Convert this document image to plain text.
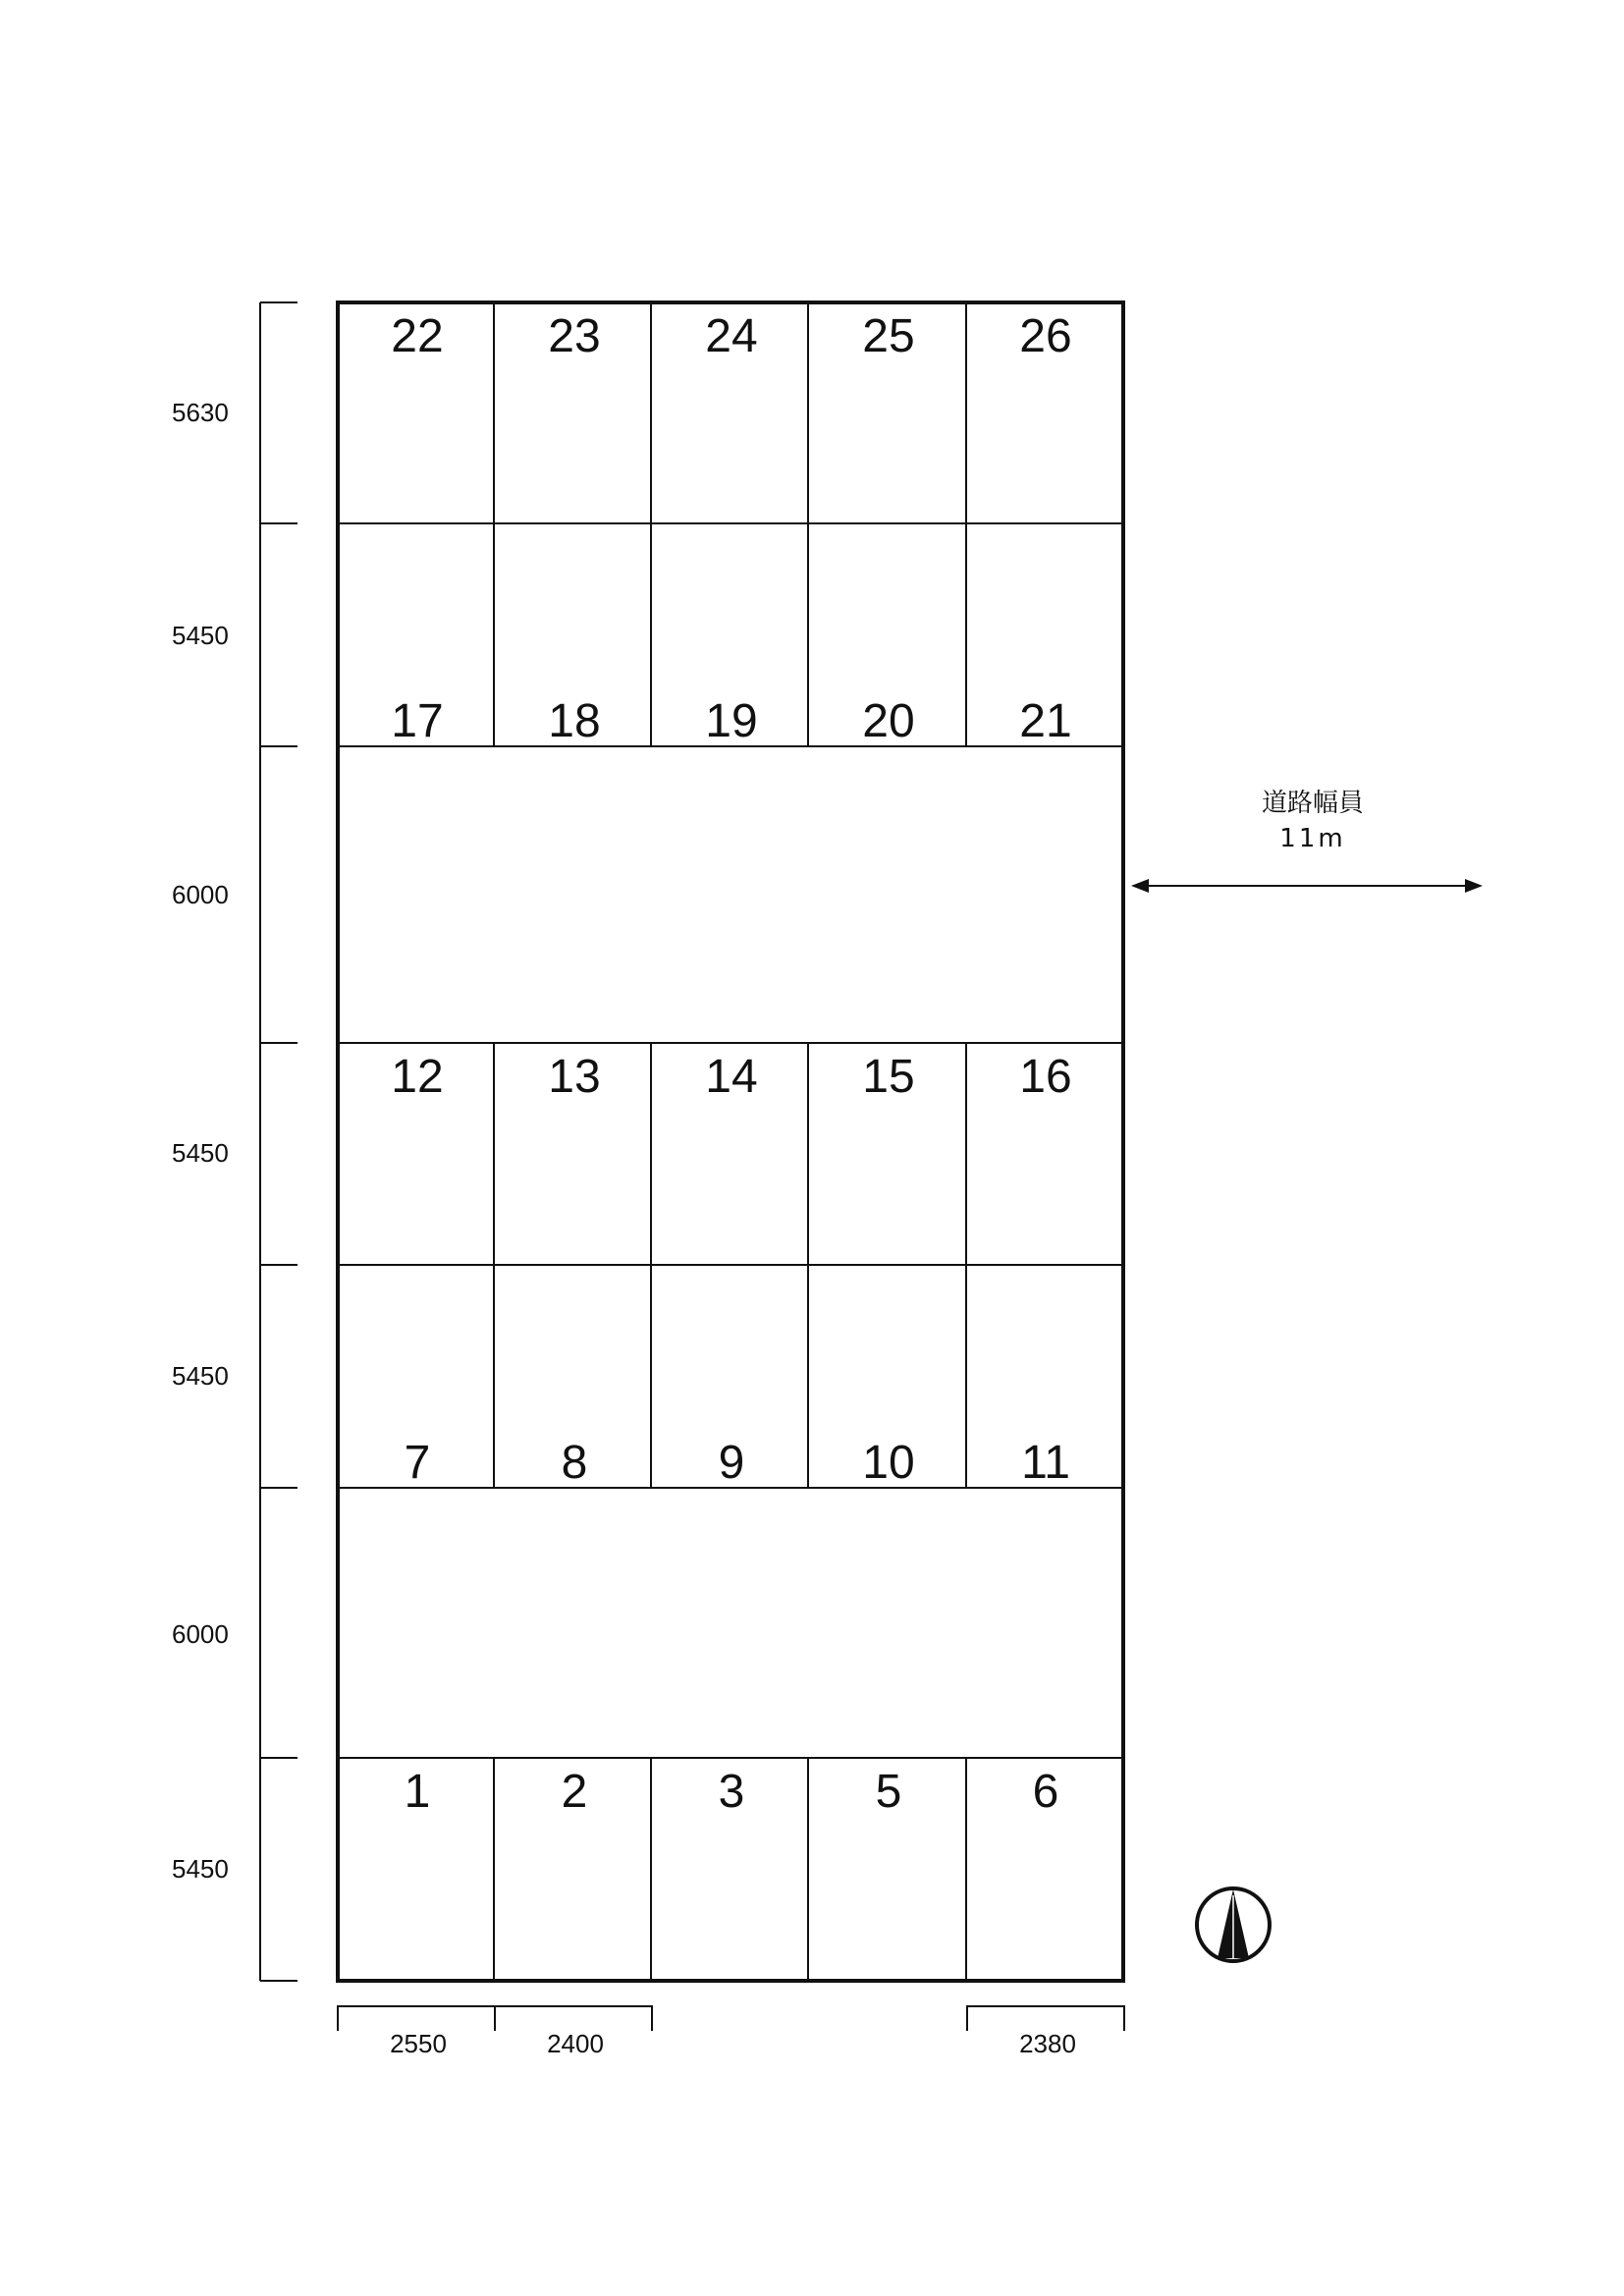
22 23 24 25 26
17 18 19 20 21
12 13 14 15 16
7	8	9 10 11
1	2	3	5	6
5630
5450
6000
5450
5450
6000
5450
2550	2400	2380
道路幅員
11m
